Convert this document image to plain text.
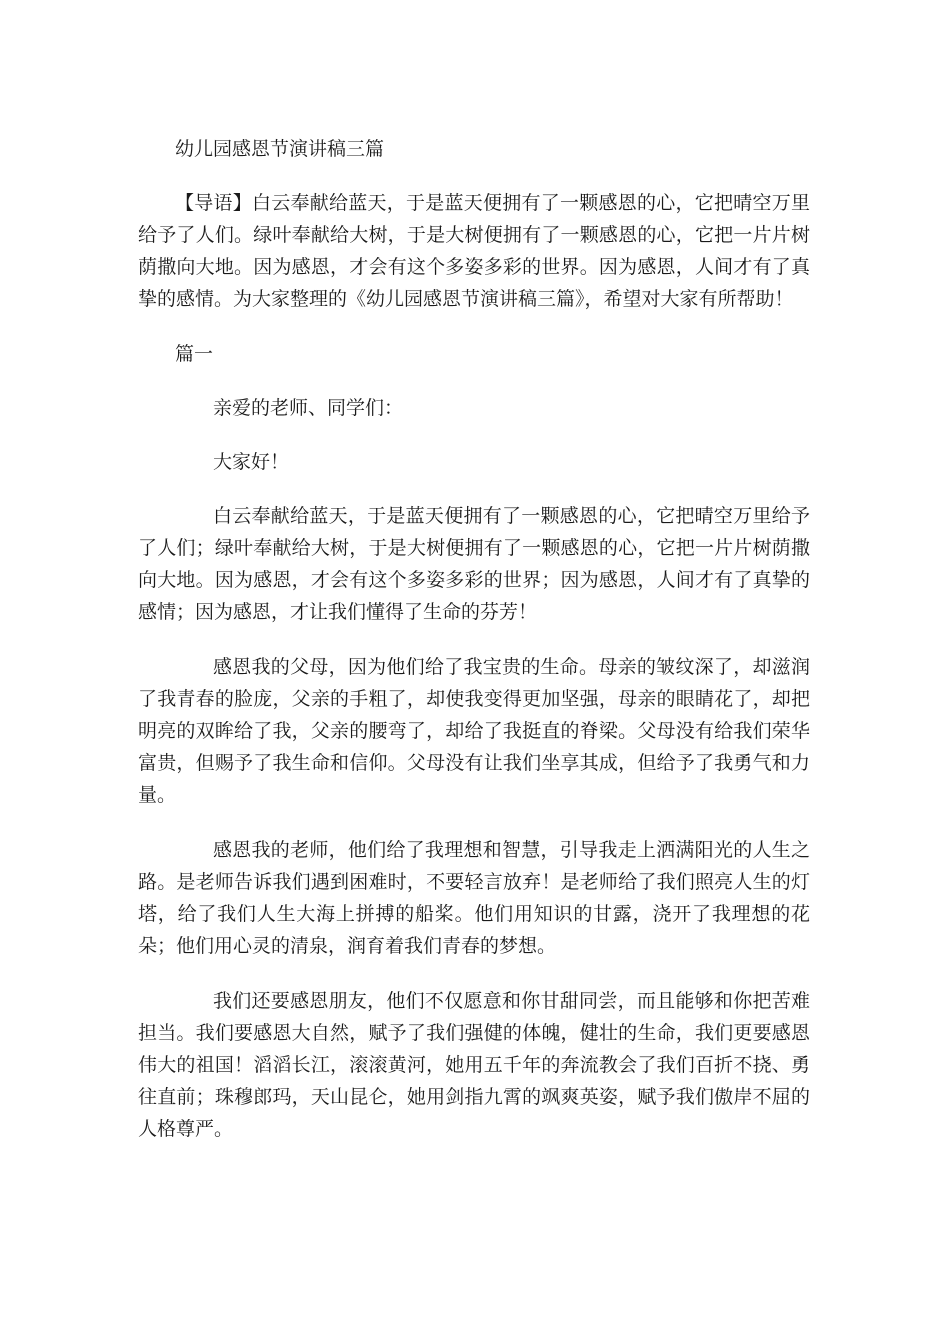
幼儿园感恩节演讲稿三篇
【导语】白云奉献给蓝天，于是蓝天便拥有了一颗感恩的心，它把晴空万里给予了人们。绿叶奉献给大树，于是大树便拥有了一颗感恩的心，它把一片片树荫撒向大地。因为感恩，才会有这个多姿多彩的世界。因为感恩，人间才有了真挚的感情。为大家整理的《幼儿园感恩节演讲稿三篇》，希望对大家有所帮助！
篇一
亲爱的老师、同学们：
大家好！
白云奉献给蓝天，于是蓝天便拥有了一颗感恩的心，它把晴空万里给予了人们；绿叶奉献给大树，于是大树便拥有了一颗感恩的心，它把一片片树荫撒向大地。因为感恩，才会有这个多姿多彩的世界；因为感恩，人间才有了真挚的感情；因为感恩，才让我们懂得了生命的芬芳！
感恩我的父母，因为他们给了我宝贵的生命。母亲的皱纹深了，却滋润了我青春的脸庞，父亲的手粗了，却使我变得更加坚强，母亲的眼睛花了，却把明亮的双眸给了我，父亲的腰弯了，却给了我挺直的脊梁。父母没有给我们荣华富贵，但赐予了我生命和信仰。父母没有让我们坐享其成，但给予了我勇气和力量。
感恩我的老师，他们给了我理想和智慧，引导我走上洒满阳光的人生之路。是老师告诉我们遇到困难时，不要轻言放弃！是老师给了我们照亮人生的灯塔，给了我们人生大海上拼搏的船桨。他们用知识的甘露，浇开了我理想的花朵；他们用心灵的清泉，润育着我们青春的梦想。
我们还要感恩朋友，他们不仅愿意和你甘甜同尝，而且能够和你把苦难担当。我们要感恩大自然，赋予了我们强健的体魄，健壮的生命，我们更要感恩伟大的祖国！滔滔长江，滚滚黄河，她用五千年的奔流教会了我们百折不挠、勇往直前；珠穆郎玛，天山昆仑，她用剑指九霄的飒爽英姿，赋予我们傲岸不屈的人格尊严。
